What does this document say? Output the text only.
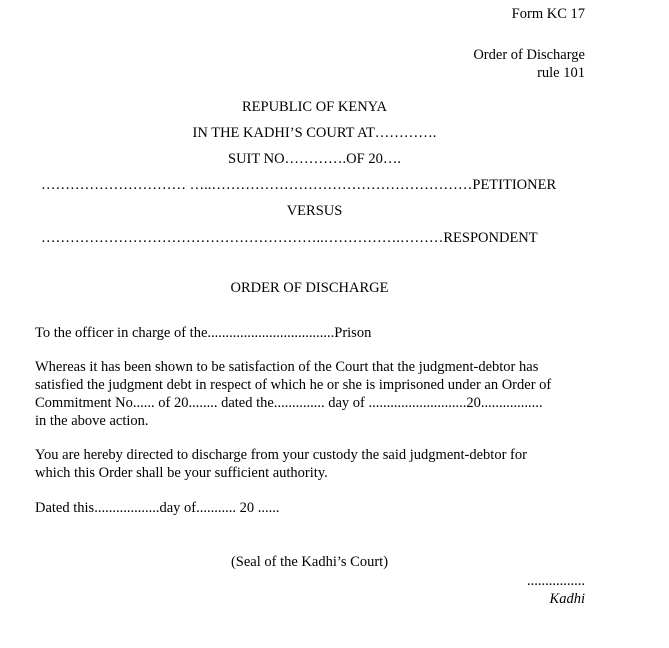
Form KC 17
Order of Discharge
rule 101
REPUBLIC OF KENYA
IN THE KADHI’S COURT AT………….
SUIT NO………….OF 20….
………………………… …..………………………………………………PETITIONER
VERSUS
…………………………………………………..…………….………RESPONDENT
ORDER OF DISCHARGE
To the officer in charge of the...................................Prison
Whereas it has been shown to be satisfaction of the Court that the judgment-debtor has
satisfied the judgment debt in respect of which he or she is imprisoned under an Order of
Commitment No...... of 20........ dated the.............. day of ...........................20.................
in the above action.
You are hereby directed to discharge from your custody the said judgment-debtor for
which this Order shall be your sufficient authority.
Dated this..................day of........... 20 ......
(Seal of the Kadhi’s Court)
................
Kadhi
